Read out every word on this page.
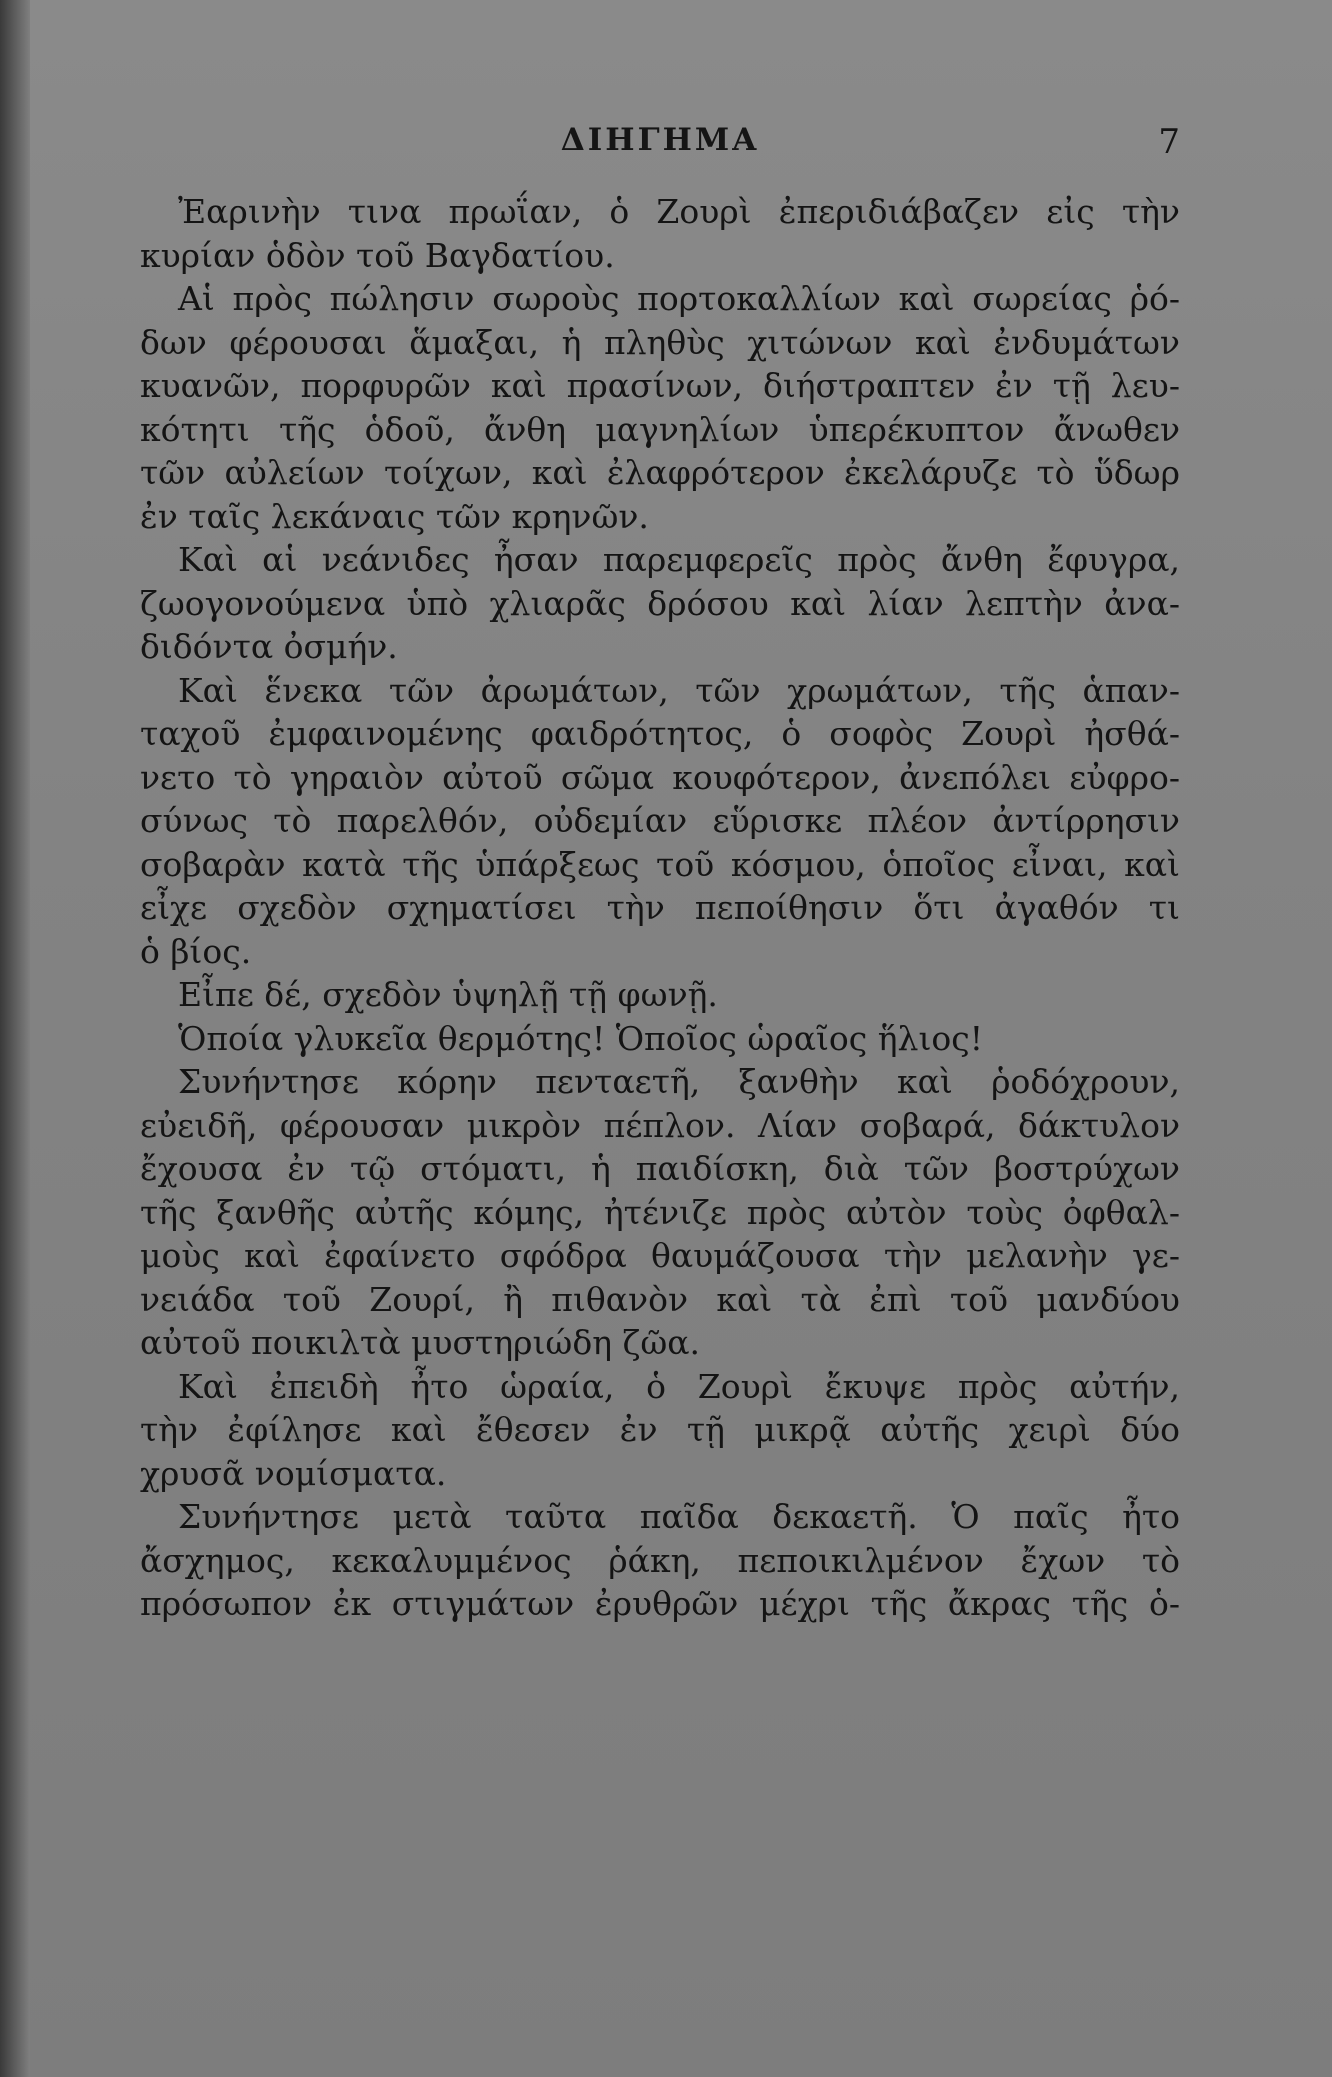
ΔΙΗΓΗΜΑ	7
Ἐαρινὴν τινα πρωΐαν, ὁ Ζουρὶ ἐπεριδιάβαζεν εἰς τὴν
κυρίαν ὁδὸν τοῦ Βαγδατίου.
Αἱ πρὸς πώλησιν σωροὺς πορτοκαλλίων καὶ σωρείας ῥό-
δων φέρουσαι ἅμαξαι, ἡ πληθὺς χιτώνων καὶ ἐνδυμάτων
κυανῶν, πορφυρῶν καὶ πρασίνων, διήστραπτεν ἐν τῇ λευ-
κότητι τῆς ὁδοῦ, ἄνθη μαγνηλίων ὑπερέκυπτον ἄνωθεν
τῶν αὐλείων τοίχων, καὶ ἐλαφρότερον ἐκελάρυζε τὸ ὕδωρ
ἐν ταῖς λεκάναις τῶν κρηνῶν.
Καὶ αἱ νεάνιδες ἦσαν παρεμφερεῖς πρὸς ἄνθη ἔφυγρα,
ζωογονούμενα ὑπὸ χλιαρᾶς δρόσου καὶ λίαν λεπτὴν ἀνα-
διδόντα ὀσμήν.
Καὶ ἕνεκα τῶν ἀρωμάτων, τῶν χρωμάτων, τῆς ἁπαν-
ταχοῦ ἐμφαινομένης φαιδρότητος, ὁ σοφὸς Ζουρὶ ἠσθά-
νετο τὸ γηραιὸν αὐτοῦ σῶμα κουφότερον, ἀνεπόλει εὐφρο-
σύνως τὸ παρελθόν, οὐδεμίαν εὕρισκε πλέον ἀντίρρησιν
σοβαρὰν κατὰ τῆς ὑπάρξεως τοῦ κόσμου, ὁποῖος εἶναι, καὶ
εἶχε σχεδὸν σχηματίσει τὴν πεποίθησιν ὅτι ἀγαθόν τι
ὁ βίος.
Εἶπε δέ, σχεδὸν ὑψηλῇ τῇ φωνῇ.
Ὁποία γλυκεῖα θερμότης! Ὁποῖος ὡραῖος ἥλιος!
Συνήντησε κόρην πενταετῆ, ξανθὴν καὶ ῥοδόχρουν,
εὐειδῆ, φέρουσαν μικρὸν πέπλον. Λίαν σοβαρά, δάκτυλον
ἔχουσα ἐν τῷ στόματι, ἡ παιδίσκη, διὰ τῶν βοστρύχων
τῆς ξανθῆς αὐτῆς κόμης, ἠτένιζε πρὸς αὐτὸν τοὺς ὀφθαλ-
μοὺς καὶ ἐφαίνετο σφόδρα θαυμάζουσα τὴν μελανὴν γε-
νειάδα τοῦ Ζουρί, ἢ πιθανὸν καὶ τὰ ἐπὶ τοῦ μανδύου
αὐτοῦ ποικιλτὰ μυστηριώδη ζῶα.
Καὶ ἐπειδὴ ἦτο ὡραία, ὁ Ζουρὶ ἔκυψε πρὸς αὐτήν,
τὴν ἐφίλησε καὶ ἔθεσεν ἐν τῇ μικρᾷ αὐτῆς χειρὶ δύο
χρυσᾶ νομίσματα.
Συνήντησε μετὰ ταῦτα παῖδα δεκαετῆ. Ὁ παῖς ἦτο
ἄσχημος, κεκαλυμμένος ῥάκη, πεποικιλμένον ἔχων τὸ
πρόσωπον ἐκ στιγμάτων ἐρυθρῶν μέχρι τῆς ἄκρας τῆς ὁ-
